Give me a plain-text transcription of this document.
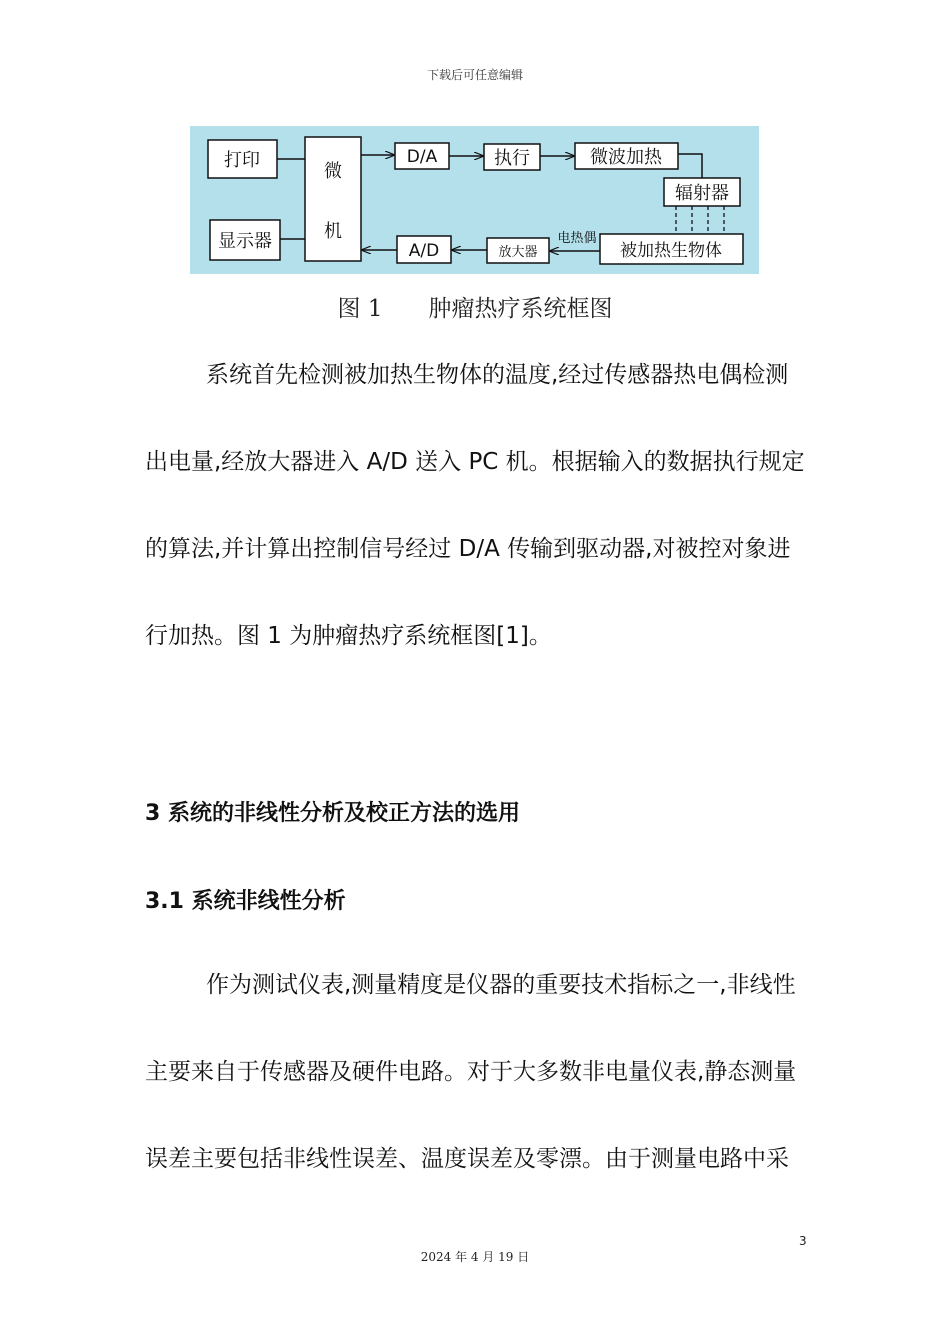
下载后可任意编辑
打印
显示器
微
机
D/A	执行	微波加热
辐射器
A/D	放大器	被加热生物体
电热偶
图 1 肿瘤热疗系统框图

系统首先检测被加热生物体的温度,经过传感器热电偶检测出电量,经放大器进入 A/D 送入 PC 机。根据输入的数据执行规定的算法,并计算出控制信号经过 D/A 传输到驱动器,对被控对象进行加热。图 1 为肿瘤热疗系统框图[1]。

3 系统的非线性分析及校正方法的选用
3.1 系统非线性分析

作为测试仪表,测量精度是仪器的重要技术指标之一,非线性主要来自于传感器及硬件电路。对于大多数非电量仪表,静态测量误差主要包括非线性误差、温度误差及零漂。由于测量电路中采

3
2024 年 4 月 19 日
